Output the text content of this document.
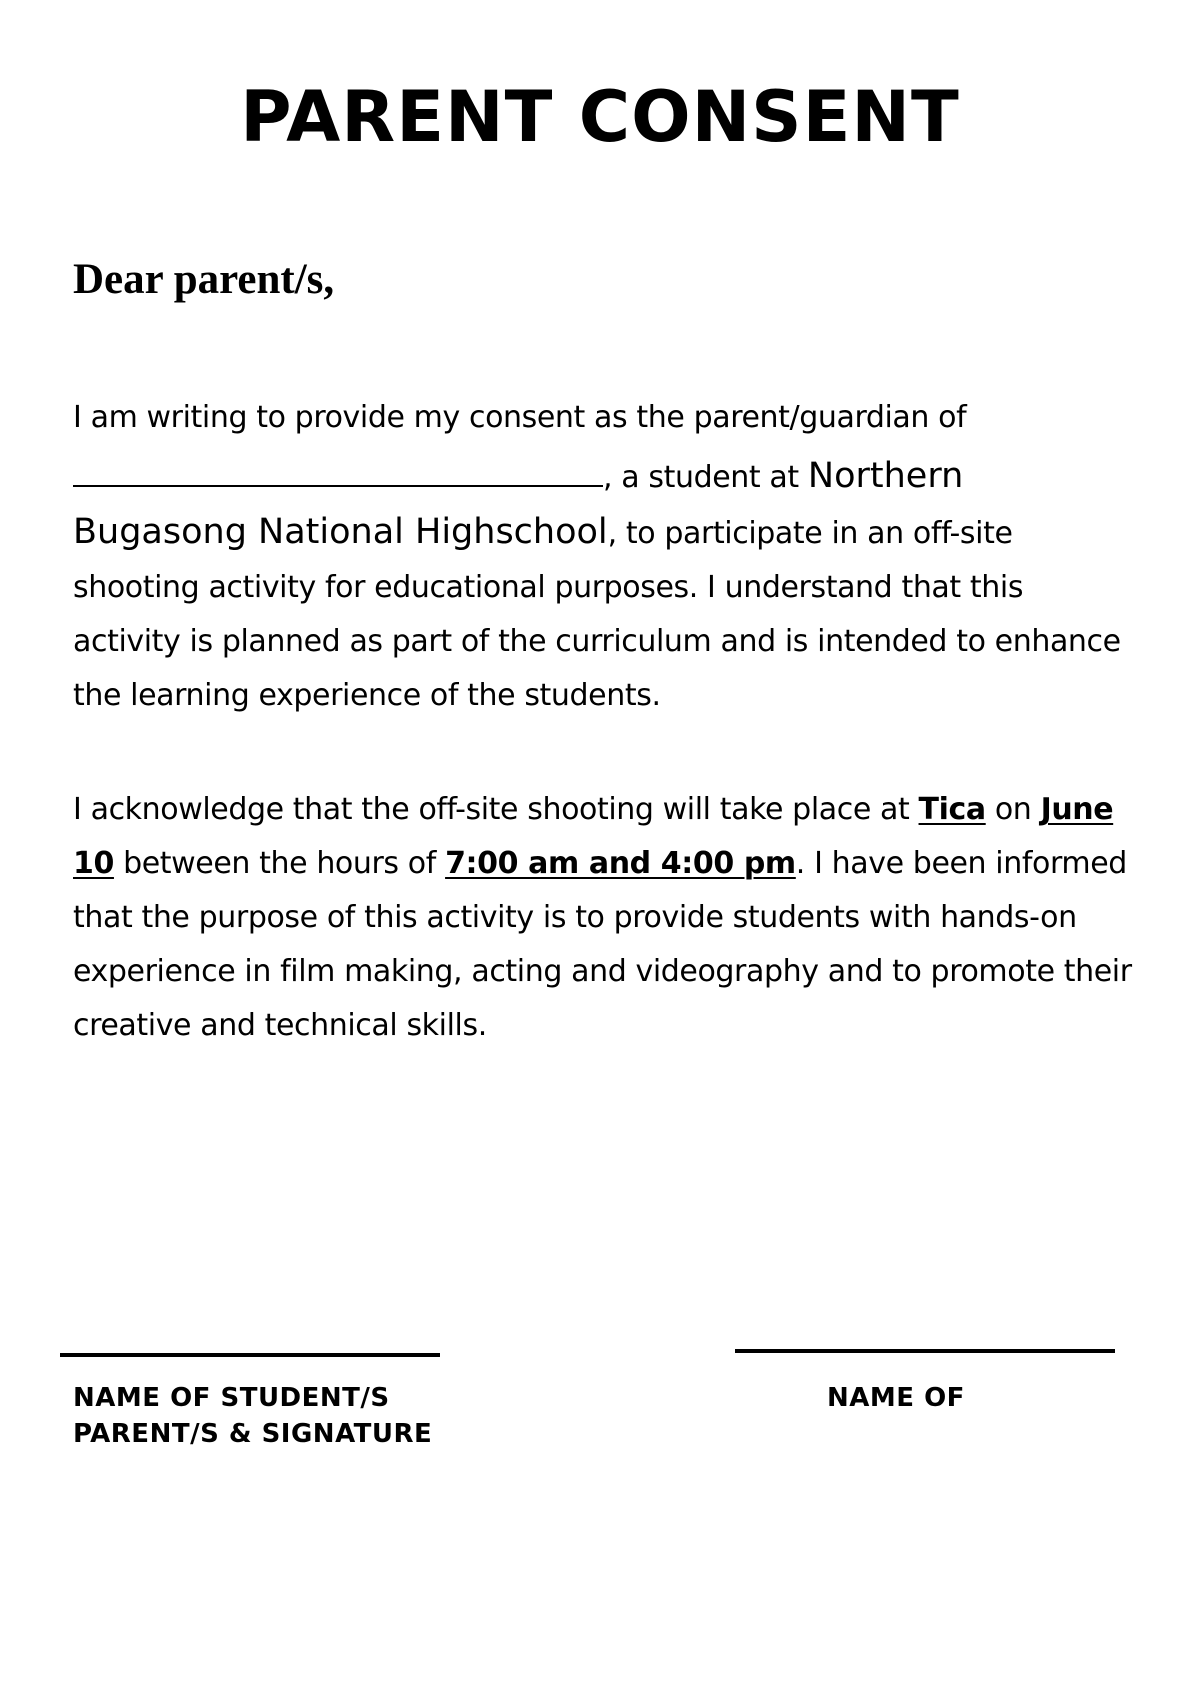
PARENT CONSENT

Dear parent/s,

I am writing to provide my consent as the parent/guardian of
, a student at Northern Bugasong National Highschool, to participate in an off-site shooting activity for educational purposes. I understand that this activity is planned as part of the curriculum and is intended to enhance the learning experience of the students.

I acknowledge that the off-site shooting will take place at Tica on June 10 between the hours of 7:00 am and 4:00 pm. I have been informed that the purpose of this activity is to provide students with hands-on experience in film making, acting and videography and to promote their creative and technical skills.

NAME OF STUDENT/S
PARENT/S & SIGNATURE
NAME OF
